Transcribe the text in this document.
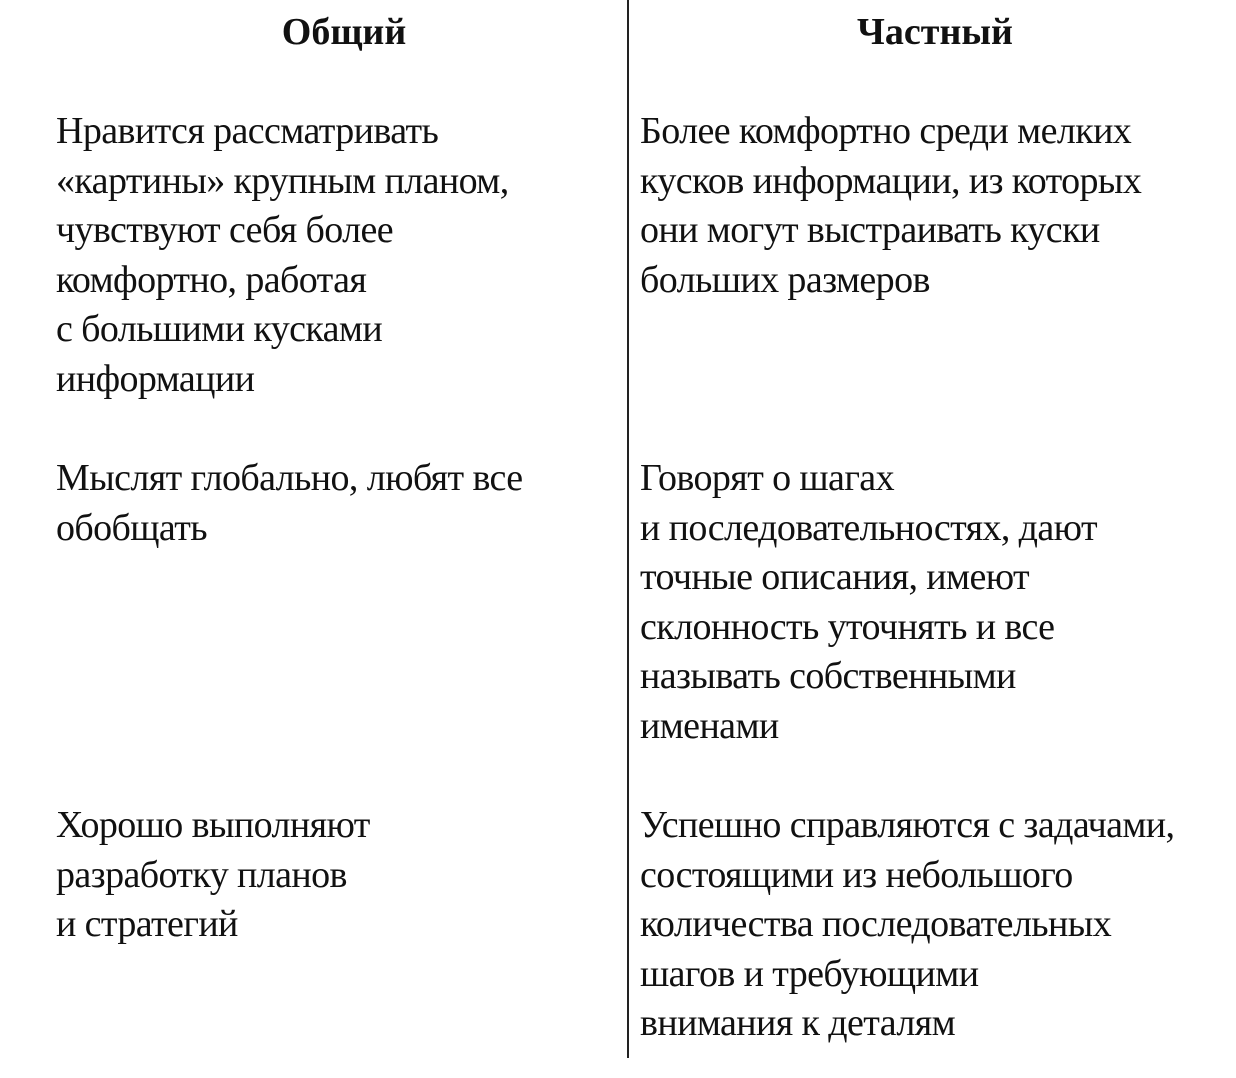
Общий	Частный

Нравится рассматривать
«картины» крупным планом,
чувствуют себя более
комфортно, работая
с большими кусками
информации

Более комфортно среди мелких
кусков информации, из которых
они могут выстраивать куски
больших размеров

Мыслят глобально, любят все
обобщать

Говорят о шагах
и последовательностях, дают
точные описания, имеют
склонность уточнять и все
называть собственными
именами

Хорошо выполняют
разработку планов
и стратегий

Успешно справляются с задачами,
состоящими из небольшого
количества последовательных
шагов и требующими
внимания к деталям
